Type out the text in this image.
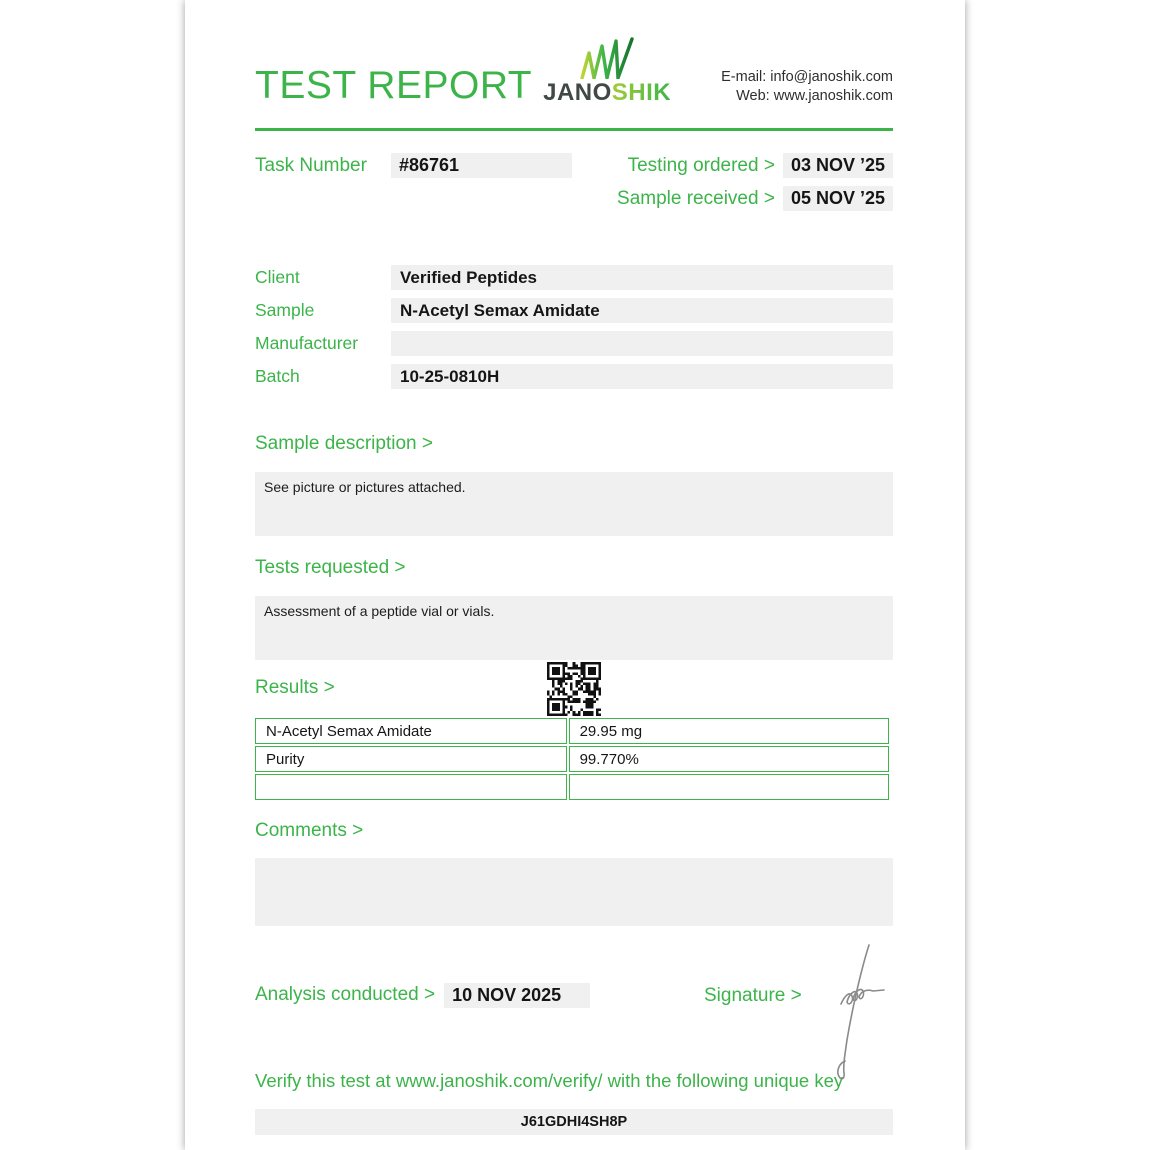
TEST REPORT JANOSHIK
E-mail: info@janoshik.com
Web: www.janoshik.com
Task Number	#86761	Testing ordered > 03 NOV ’25
Sample received > 05 NOV ’25
Client	Verified Peptides
Sample	N-Acetyl Semax Amidate
Manufacturer
Batch	10-25-0810H
Sample description >
See picture or pictures attached.
Tests requested >
Assessment of a peptide vial or vials.
Results >
N-Acetyl Semax Amidate	29.95 mg
Purity	99.770%

Comments >
Analysis conducted > 10 NOV 2025	Signature >
Verify this test at www.janoshik.com/verify/ with the following unique key
J61GDHI4SH8P
